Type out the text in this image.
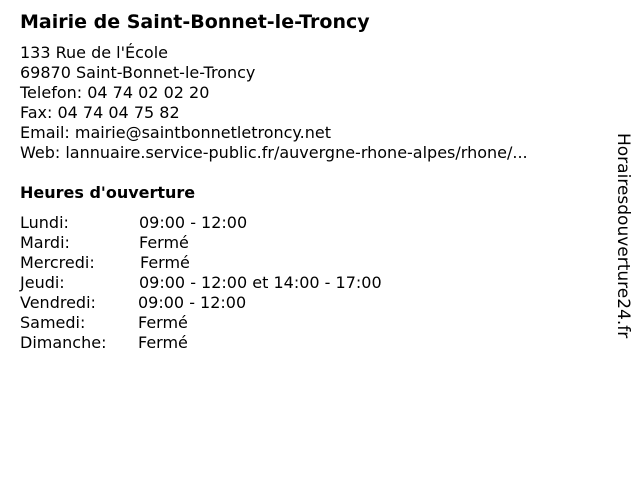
Mairie de Saint-Bonnet-le-Troncy
133 Rue de l'École
69870 Saint-Bonnet-le-Troncy
Telefon: 04 74 02 02 20
Fax: 04 74 04 75 82
Email: mairie@saintbonnetletroncy.net
Web: lannuaire.service-public.fr/auvergne-rhone-alpes/rhone/...
Heures d'ouverture
Lundi:	09:00 - 12:00
Mardi:	Fermé
Mercredi:	Fermé
Jeudi:	09:00 - 12:00 et 14:00 - 17:00
Vendredi:	09:00 - 12:00
Samedi:	Fermé
Dimanche: Fermé
Horairesdouverture24.fr
